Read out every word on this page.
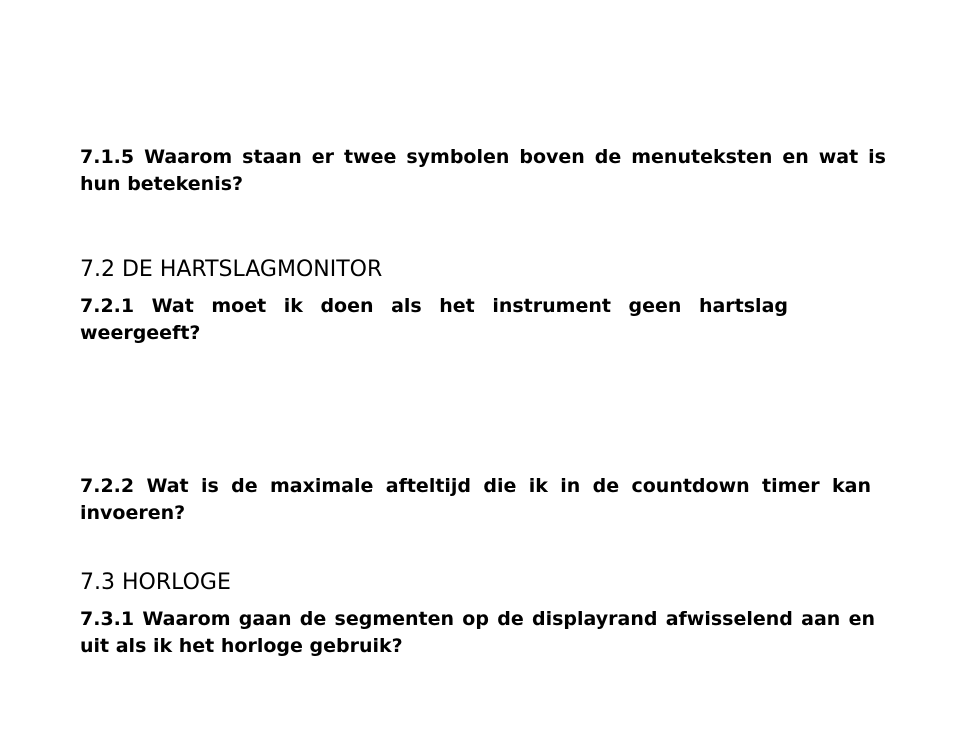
7.1.5 Waarom staan er twee symbolen boven de menuteksten en wat is hun betekenis?

7.2 DE HARTSLAGMONITOR

7.2.1 Wat moet ik doen als het instrument geen hartslag weergeeft?

7.2.2 Wat is de maximale afteltijd die ik in de countdown timer kan invoeren?

7.3 HORLOGE

7.3.1 Waarom gaan de segmenten op de displayrand afwisselend aan en uit als ik het horloge gebruik?
